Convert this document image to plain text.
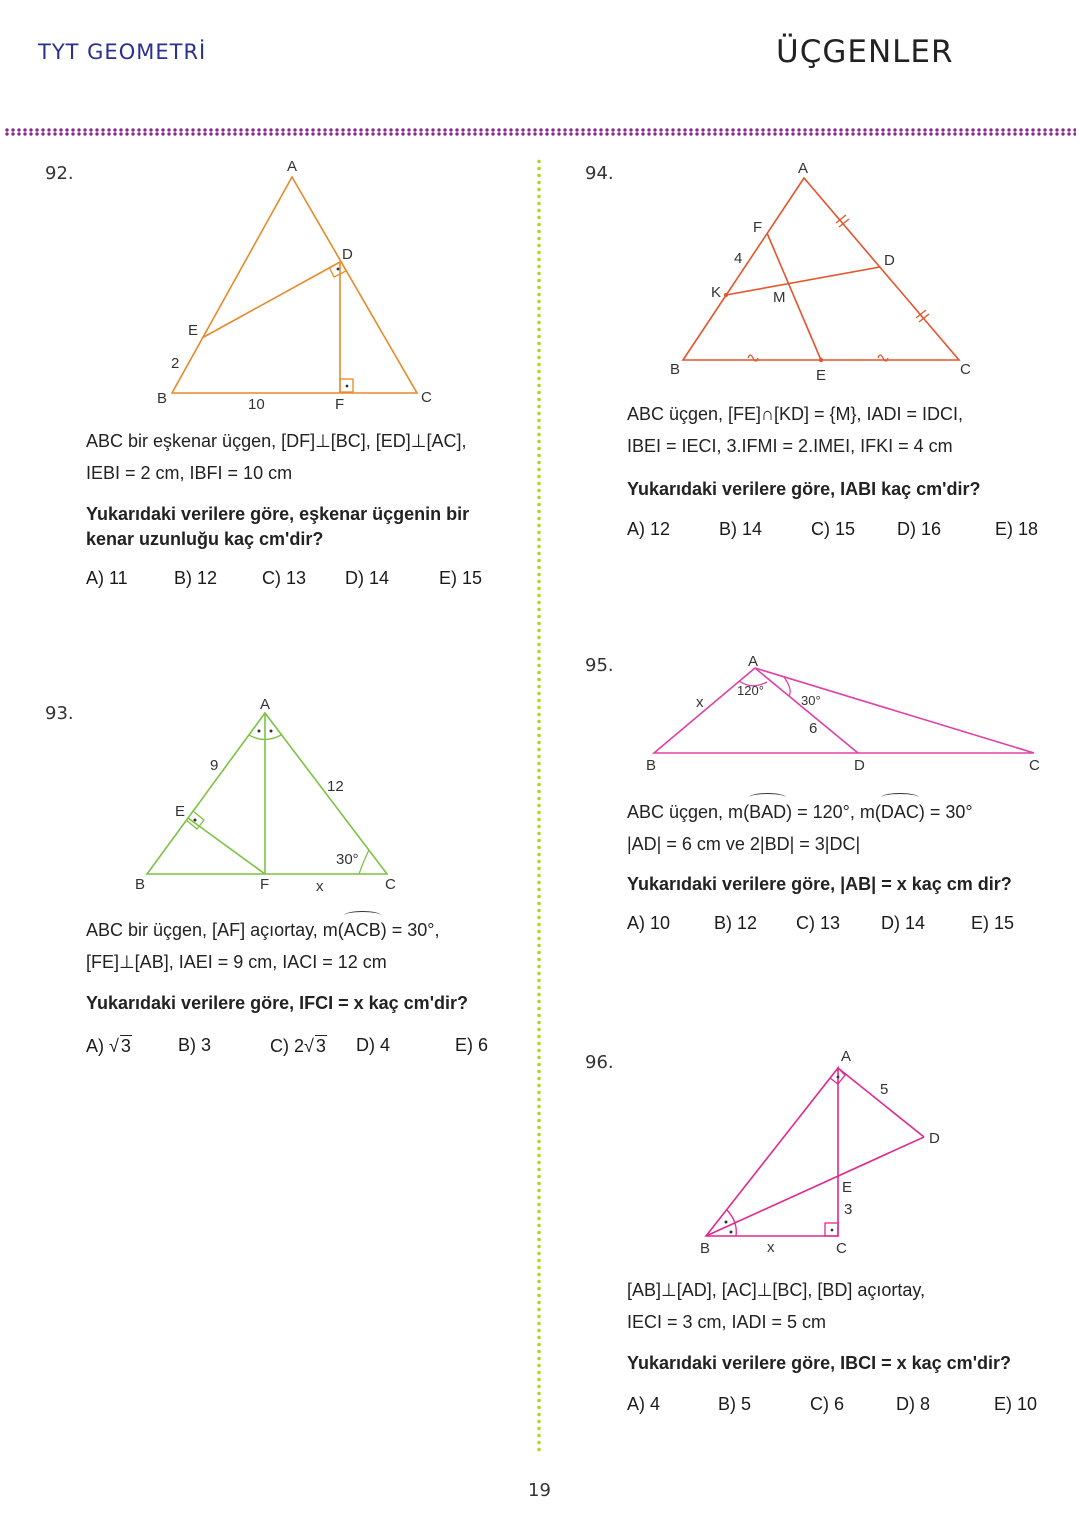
TYT GEOMETRİ	ÜÇGENLER
92.	A
D
E
2
B	10	F	C
ABC bir eşkenar üçgen, [DF]⊥[BC], [ED]⊥[AC],
IEBI = 2 cm, IBFI = 10 cm
Yukarıdaki verilere göre, eşkenar üçgenin bir kenar uzunluğu kaç cm'dir?
A) 11	B) 12 C) 13 D) 14	E) 15
93.	A
9
12
E
30°
B	F	x	C
ABC bir üçgen, [AF] açıortay, m(ACB) = 30°,
[FE]⊥[AB], IAEI = 9 cm, IACI = 12 cm
Yukarıdaki verilere göre, IFCI = x kaç cm'dir?
A) √ 3	B) 3	C) 2√ 3 D) 4	E) 6
94.	A
F
4	D
K	M
B	E	C
ABC üçgen, [FE]∩[KD] = {M}, IADI = IDCI,
IBEI = IECI, 3.IFMI = 2.IMEI, IFKI = 4 cm
Yukarıdaki verilere göre, IABI kaç cm'dir?
A) 12	B) 14	C) 15 D) 16	E) 18
95.	A
120°
30°
x
6
B	D	C
ABC üçgen, m(BAD) = 120°, m(DAC) = 30°
|AD| = 6 cm ve 2|BD| = 3|DC|
Yukarıdaki verilere göre, |AB| = x kaç cm dir?
A) 10 B) 12 C) 13 D) 14	E) 15
96.	A
5
D
E
3
B	x	C
[AB]⊥[AD], [AC]⊥[BC], [BD] açıortay,
IECI = 3 cm, IADI = 5 cm
Yukarıdaki verilere göre, IBCI = x kaç cm'dir?
A) 4	B) 5	C) 6	D) 8	E) 10
19
